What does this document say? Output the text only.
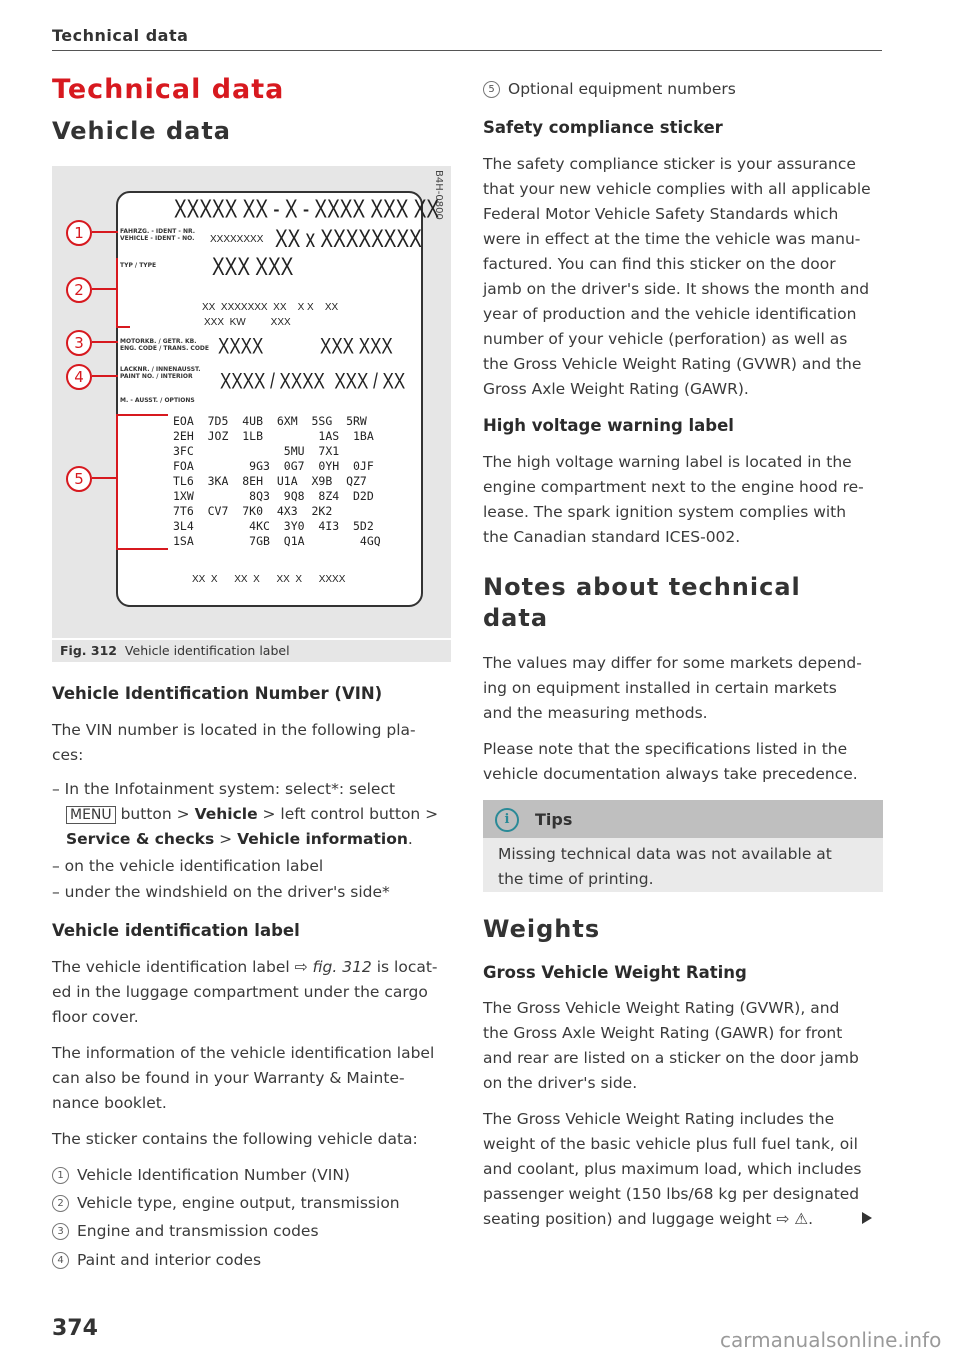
Technical data
Technical data
Vehicle data
B4H-0800
XXXXX XX - X - XXXX XXX XX
FAHRZG. - IDENT - NR.
VEHICLE - IDENT - NO. XXXXXXXX XX x XXXXXXXX
TYP / TYPE	XXX XXX
XX  XXXXXXX  XX    X X    XX
XXX  KW         XXX
MOTORKB. / GETR. KB.
ENG. CODE / TRANS. CODE XXXX	XXX XXX
LACKNR. / INNENAUSST.
PAINT NO. / INTERIOR	XXXX / XXXX  XXX / XX
M. - AUSST. / OPTIONS
EOA  7D5  4UB  6XM  5SG  5RW
2EH  JOZ  1LB        1AS  1BA
3FC             5MU  7X1
FOA        9G3  0G7  0YH  0JF
TL6  3KA  8EH  U1A  X9B  QZ7
1XW        8Q3  9Q8  8Z4  D2D
7T6  CV7  7K0  4X3  2K2
3L4        4KC  3Y0  4I3  5D2
1SA        7GB  Q1A        4GQ
XX  X      XX  X      XX  X      XXXX
1
2
3
4
5
Fig. 312 Vehicle identification label
Vehicle Identification Number (VIN)
The VIN number is located in the following pla-
ces:
– In the Infotainment system: select*: select
MENU button > Vehicle > left control button >
Service & checks > Vehicle information.
– on the vehicle identification label
– under the windshield on the driver's side*
Vehicle identification label
The vehicle identification label ⇨ fig. 312 is locat-
ed in the luggage compartment under the cargo
floor cover.
The information of the vehicle identification label
can also be found in your Warranty & Mainte-
nance booklet.
The sticker contains the following vehicle data:
1 Vehicle Identification Number (VIN)
2 Vehicle type, engine output, transmission
3 Engine and transmission codes
4 Paint and interior codes
5 Optional equipment numbers
Safety compliance sticker
The safety compliance sticker is your assurance
that your new vehicle complies with all applicable
Federal Motor Vehicle Safety Standards which
were in effect at the time the vehicle was manu-
factured. You can find this sticker on the door
jamb on the driver's side. It shows the month and
year of production and the vehicle identification
number of your vehicle (perforation) as well as
the Gross Vehicle Weight Rating (GVWR) and the
Gross Axle Weight Rating (GAWR).
High voltage warning label
The high voltage warning label is located in the
engine compartment next to the engine hood re-
lease. The spark ignition system complies with
the Canadian standard ICES-002.
Notes about technical
data
The values may differ for some markets depend-
ing on equipment installed in certain markets
and the measuring methods.
Please note that the specifications listed in the
vehicle documentation always take precedence.
i	Tips
Missing technical data was not available at
the time of printing.
Weights
Gross Vehicle Weight Rating
The Gross Vehicle Weight Rating (GVWR), and
the Gross Axle Weight Rating (GAWR) for front
and rear are listed on a sticker on the door jamb
on the driver's side.
The Gross Vehicle Weight Rating includes the
weight of the basic vehicle plus full fuel tank, oil
and coolant, plus maximum load, which includes
passenger weight (150 lbs/68 kg per designated
seating position) and luggage weight ⇨ ⚠.
374	carmanualsonline.info
